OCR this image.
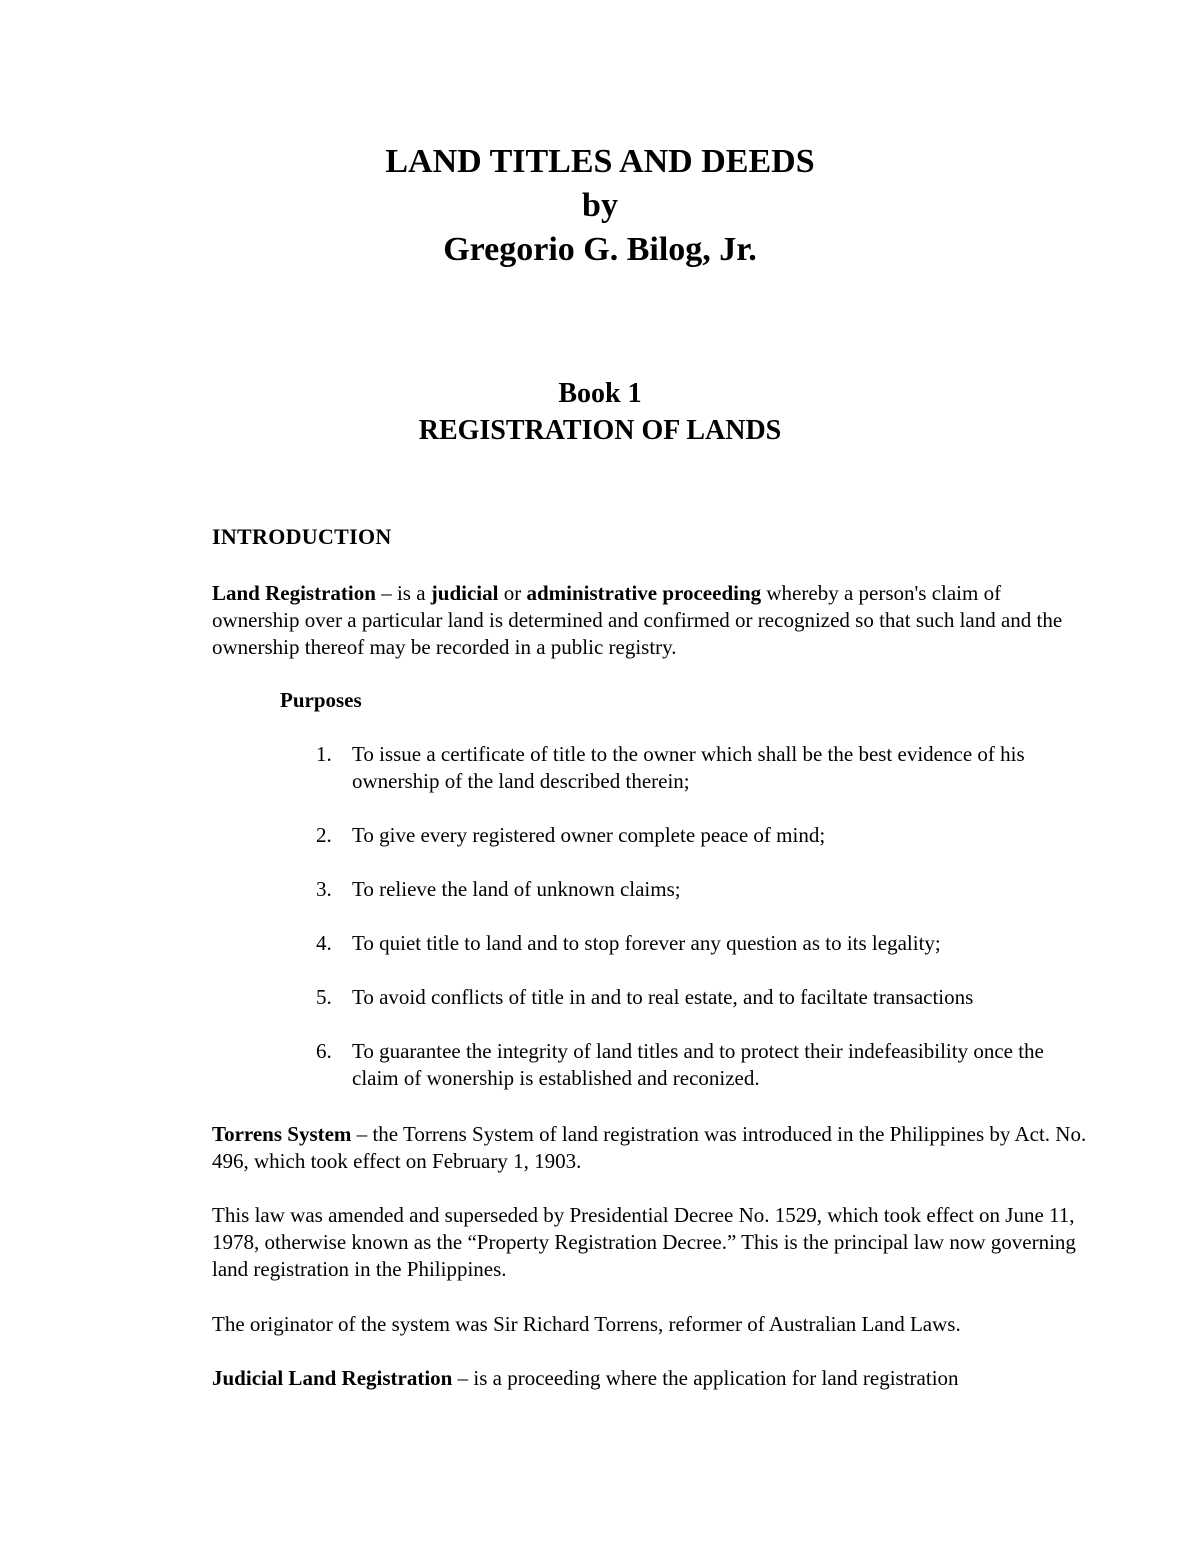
LAND TITLES AND DEEDS
by
Gregorio G. Bilog, Jr.
Book 1
REGISTRATION OF LANDS
INTRODUCTION
Land Registration – is a judicial or administrative proceeding whereby a person's claim of ownership over a particular land is determined and confirmed or recognized so that such land and the ownership thereof may be recorded in a public registry.
Purposes
1. To issue a certificate of title to the owner which shall be the best evidence of his ownership of the land described therein;
2. To give every registered owner complete peace of mind;
3. To relieve the land of unknown claims;
4. To quiet title to land and to stop forever any question as to its legality;
5. To avoid conflicts of title in and to real estate, and to faciltate transactions
6. To guarantee the integrity of land titles and to protect their indefeasibility once the claim of wonership is established and reconized.
Torrens System – the Torrens System of land registration was introduced in the Philippines by Act. No. 496, which took effect on February 1, 1903.
This law was amended and superseded by Presidential Decree No. 1529, which took effect on June 11, 1978, otherwise known as the “Property Registration Decree.” This is the principal law now governing land registration in the Philippines.
The originator of the system was Sir Richard Torrens, reformer of Australian Land Laws.
Judicial Land Registration – is a proceeding where the application for land registration
